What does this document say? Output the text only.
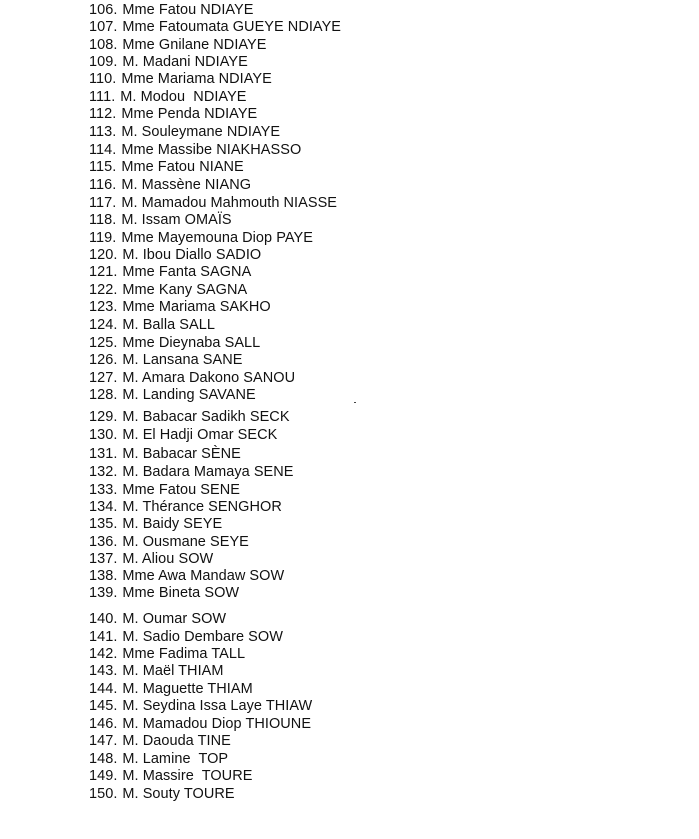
106. Mme Fatou NDIAYE
107. Mme Fatoumata GUEYE NDIAYE
108. Mme Gnilane NDIAYE
109. M. Madani NDIAYE
110. Mme Mariama NDIAYE
111. M. Modou  NDIAYE
112. Mme Penda NDIAYE
113. M. Souleymane NDIAYE
114. Mme Massibe NIAKHASSO
115. Mme Fatou NIANE
116. M. Massène NIANG
117. M. Mamadou Mahmouth NIASSE
118. M. Issam OMAÏS
119. Mme Mayemouna Diop PAYE
120. M. Ibou Diallo SADIO
121. Mme Fanta SAGNA
122. Mme Kany SAGNA
123. Mme Mariama SAKHO
124. M. Balla SALL
125. Mme Dieynaba SALL
126. M. Lansana SANE
127. M. Amara Dakono SANOU
128. M. Landing SAVANE
129. M. Babacar Sadikh SECK
130. M. El Hadji Omar SECK
131. M. Babacar SÈNE
132. M. Badara Mamaya SENE
133. Mme Fatou SENE
134. M. Thérance SENGHOR
135. M. Baidy SEYE
136. M. Ousmane SEYE
137. M. Aliou SOW
138. Mme Awa Mandaw SOW
139. Mme Bineta SOW
140. M. Oumar SOW
141. M. Sadio Dembare SOW
142. Mme Fadima TALL
143. M. Maël THIAM
144. M. Maguette THIAM
145. M. Seydina Issa Laye THIAW
146. M. Mamadou Diop THIOUNE
147. M. Daouda TINE
148. M. Lamine  TOP
149. M. Massire  TOURE
150. M. Souty TOURE
